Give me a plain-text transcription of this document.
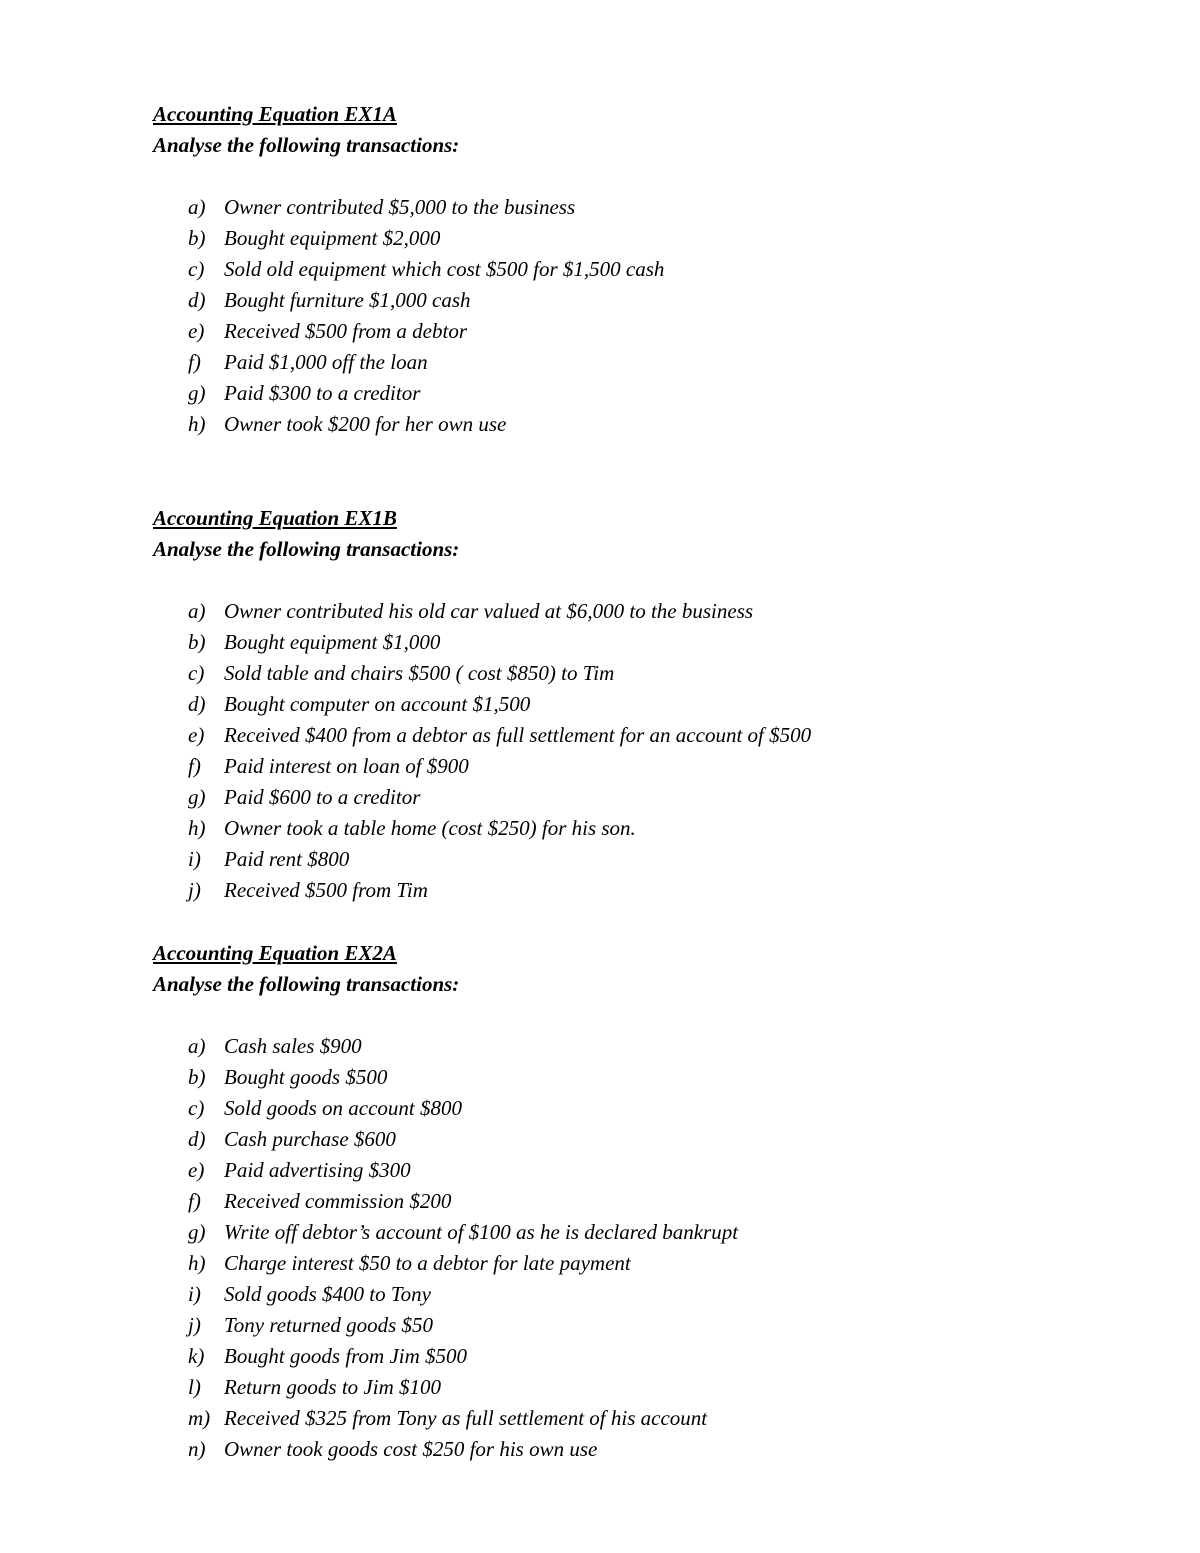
Accounting Equation EX1A
Analyse the following transactions:
a) Owner contributed $5,000 to the business
b) Bought equipment $2,000
c) Sold old equipment which cost $500 for $1,500 cash
d) Bought furniture $1,000 cash
e) Received $500 from a debtor
f)	Paid $1,000 off the loan
g) Paid $300 to a creditor
h) Owner took $200 for her own use
Accounting Equation EX1B
Analyse the following transactions:
a) Owner contributed his old car valued at $6,000 to the business
b) Bought equipment $1,000
c) Sold table and chairs $500 ( cost $850) to Tim
d) Bought computer on account $1,500
e) Received $400 from a debtor as full settlement for an account of $500
f)	Paid interest on loan of $900
g) Paid $600 to a creditor
h) Owner took a table home (cost $250) for his son.
i)	Paid rent $800
j)	Received $500 from Tim
Accounting Equation EX2A
Analyse the following transactions:
a) Cash sales $900
b) Bought goods $500
c) Sold goods on account $800
d) Cash purchase $600
e) Paid advertising $300
f)	Received commission $200
g) Write off debtor’s account of $100 as he is declared bankrupt
h) Charge interest $50 to a debtor for late payment
i)	Sold goods $400 to Tony
j)	Tony returned goods $50
k) Bought goods from Jim $500
l)	Return goods to Jim $100
m) Received $325 from Tony as full settlement of his account
n) Owner took goods cost $250 for his own use
